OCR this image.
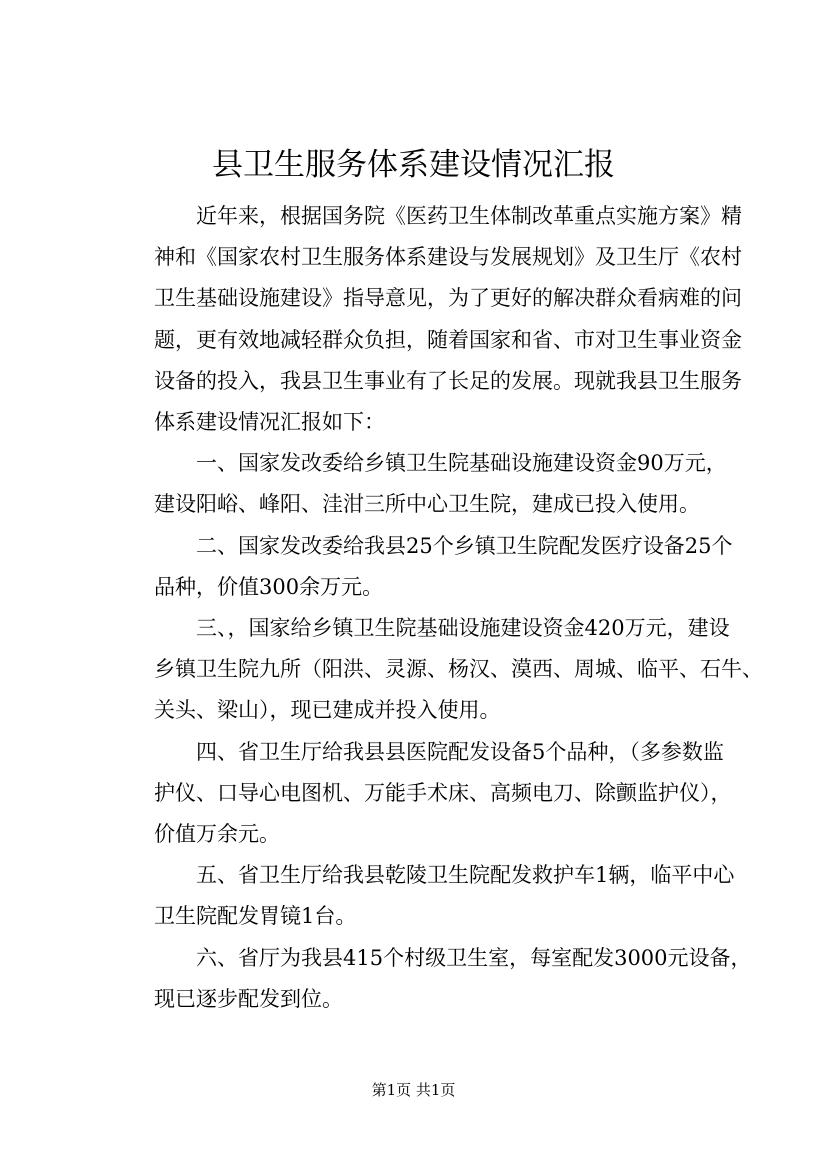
县卫生服务体系建设情况汇报

近年来，根据国务院《医药卫生体制改革重点实施方案》精
神和《国家农村卫生服务体系建设与发展规划》及卫生厅《农村
卫生基础设施建设》指导意见，为了更好的解决群众看病难的问
题，更有效地减轻群众负担，随着国家和省、市对卫生事业资金
设备的投入，我县卫生事业有了长足的发展。现就我县卫生服务
体系建设情况汇报如下：

一、国家发改委给乡镇卫生院基础设施建设资金90万元，
建设阳峪、峰阳、洼泔三所中心卫生院，建成已投入使用。

二、国家发改委给我县25个乡镇卫生院配发医疗设备25个
品种，价值300余万元。

三、，国家给乡镇卫生院基础设施建设资金420万元，建设
乡镇卫生院九所（阳洪、灵源、杨汉、漠西、周城、临平、石牛、
关头、梁山），现已建成并投入使用。

四、省卫生厅给我县县医院配发设备5个品种，（多参数监
护仪、口导心电图机、万能手术床、高频电刀、除颤监护仪），
价值万余元。

五、省卫生厅给我县乾陵卫生院配发救护车1辆，临平中心
卫生院配发胃镜1台。

六、省厅为我县415个村级卫生室，每室配发3000元设备，
现已逐步配发到位。

第1页 共1页
